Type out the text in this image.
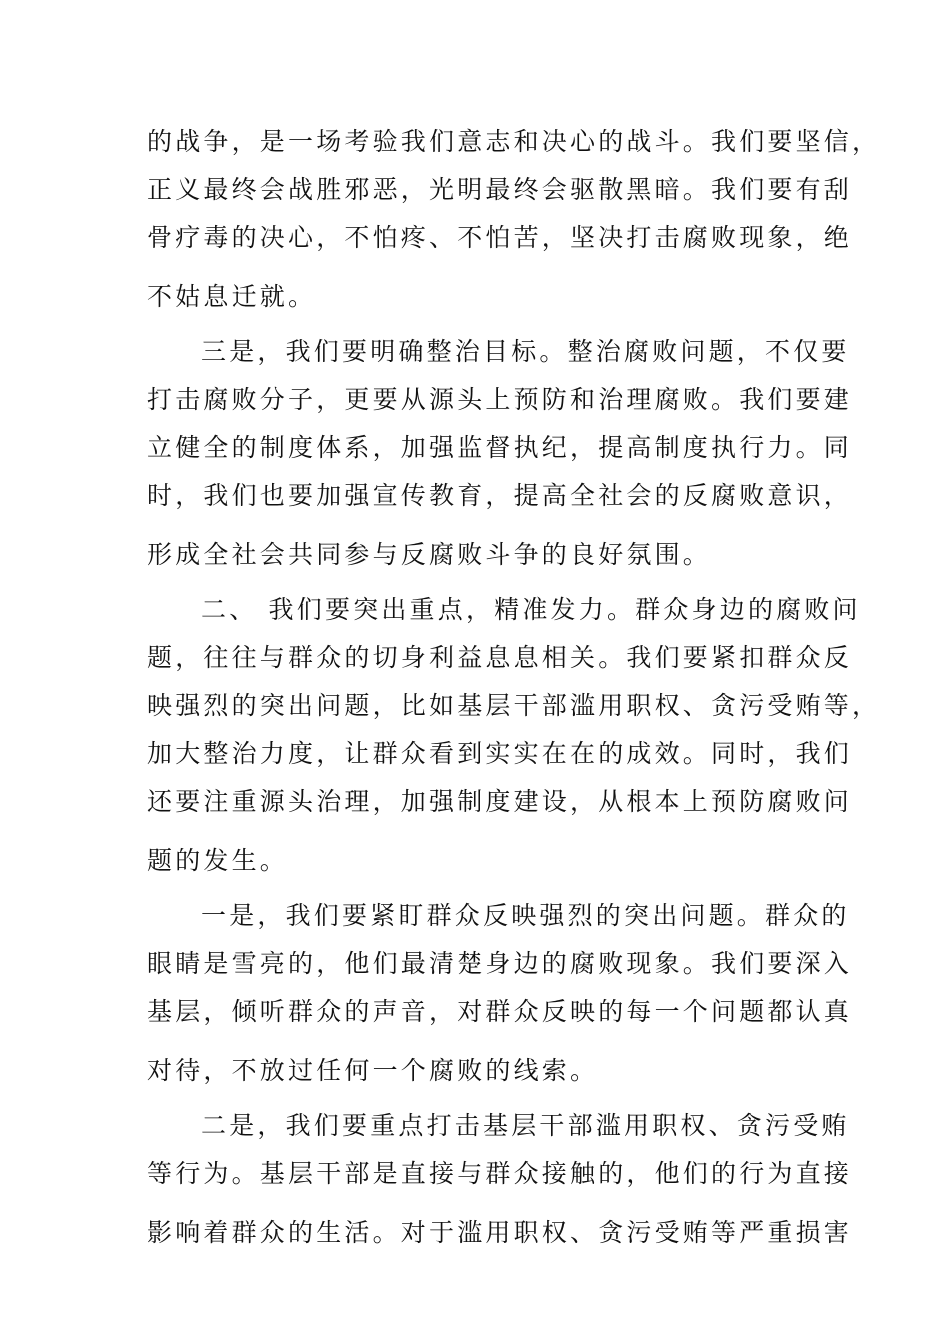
的战争，是一场考验我们意志和决心的战斗。我们要坚信，
正义最终会战胜邪恶，光明最终会驱散黑暗。我们要有刮
骨疗毒的决心，不怕疼、不怕苦，坚决打击腐败现象，绝
不姑息迁就。
三是，我们要明确整治目标。整治腐败问题，不仅要
打击腐败分子，更要从源头上预防和治理腐败。我们要建
立健全的制度体系，加强监督执纪，提高制度执行力。同
时，我们也要加强宣传教育，提高全社会的反腐败意识，
形成全社会共同参与反腐败斗争的良好氛围。
二、 我们要突出重点，精准发力。群众身边的腐败问
题，往往与群众的切身利益息息相关。我们要紧扣群众反
映强烈的突出问题，比如基层干部滥用职权、贪污受贿等，
加大整治力度，让群众看到实实在在的成效。同时，我们
还要注重源头治理，加强制度建设，从根本上预防腐败问
题的发生。
一是，我们要紧盯群众反映强烈的突出问题。群众的
眼睛是雪亮的，他们最清楚身边的腐败现象。我们要深入
基层，倾听群众的声音，对群众反映的每一个问题都认真
对待，不放过任何一个腐败的线索。
二是，我们要重点打击基层干部滥用职权、贪污受贿
等行为。基层干部是直接与群众接触的，他们的行为直接
影响着群众的生活。对于滥用职权、贪污受贿等严重损害
